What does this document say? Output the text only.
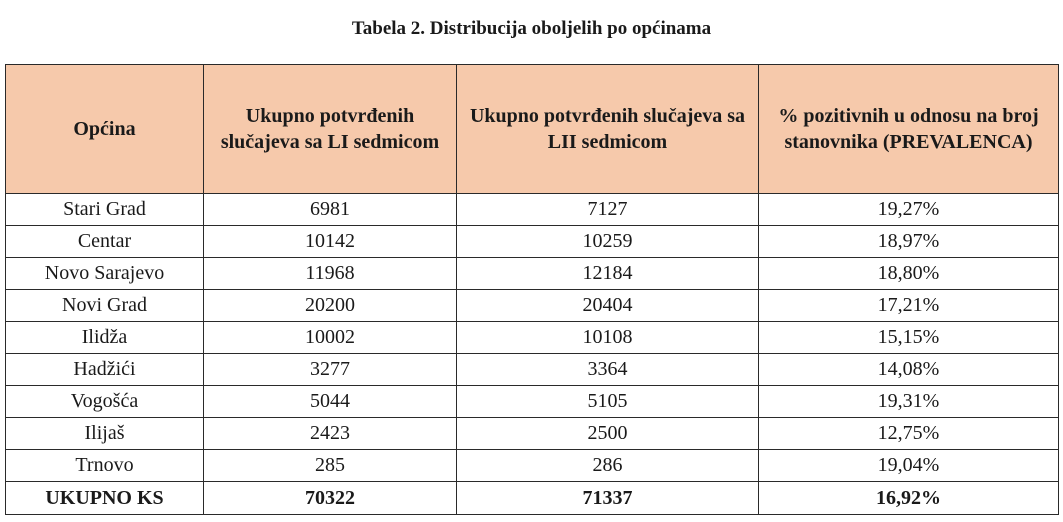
Tabela 2. Distribucija oboljelih po općinama
Općina	Ukupno potvrđenih slučajeva sa LI sedmicom	Ukupno potvrđenih slučajeva sa LII sedmicom	% pozitivnih u odnosu na broj stanovnika (PREVALENCA)
Stari Grad	6981	7127	19,27%
Centar	10142	10259	18,97%
Novo Sarajevo	11968	12184	18,80%
Novi Grad	20200	20404	17,21%
Ilidža	10002	10108	15,15%
Hadžići	3277	3364	14,08%
Vogošća	5044	5105	19,31%
Ilijaš	2423	2500	12,75%
Trnovo	285	286	19,04%
UKUPNO KS	70322	71337	16,92%
